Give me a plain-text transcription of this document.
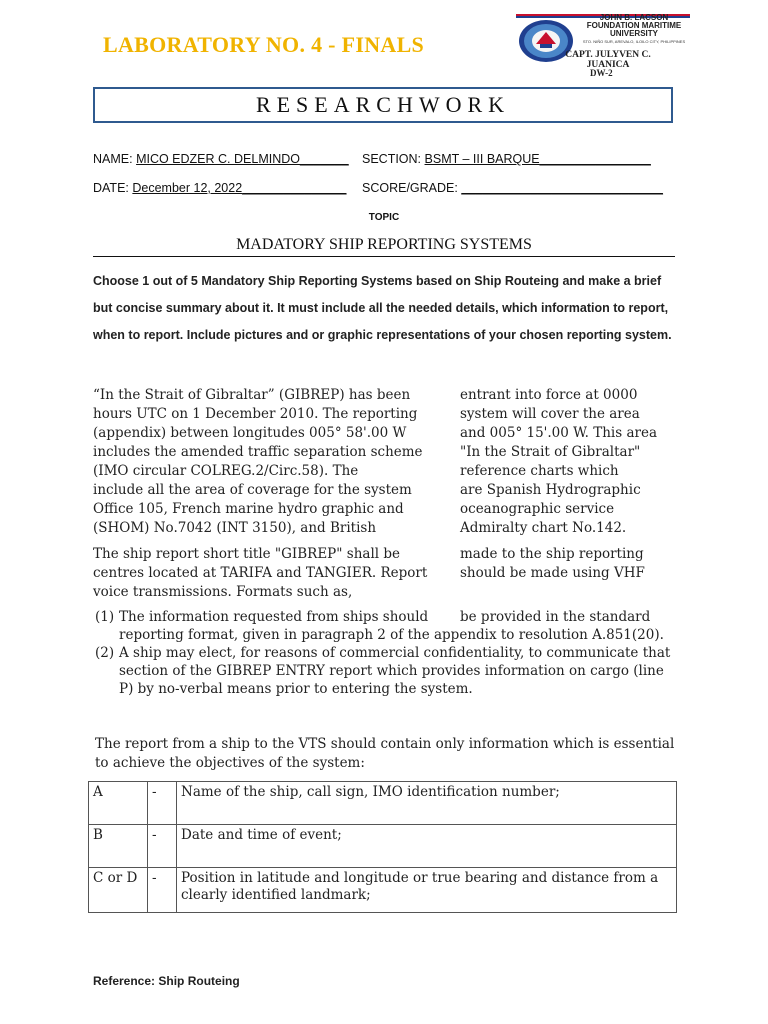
LABORATORY NO. 4 - FINALS
JOHN B. LACSON
FOUNDATION MARITIME
UNIVERSITY
STO. NIÑO SUR, AREVALO, ILOILO CITY, PHILIPPINES
CAPT. JULYVEN C. JUANICA
DW-2
RESEARCHWORK
NAME: MICO EDZER C. DELMINDO_______ SECTION: BSMT – III BARQUE________________
DATE: December 12, 2022_______________ SCORE/GRADE: _____________________________
TOPIC
MADATORY SHIP REPORTING SYSTEMS
Choose 1 out of 5 Mandatory Ship Reporting Systems based on Ship Routeing and make a brief but concise summary about it. It must include all the needed details, which information to report, when to report. Include pictures and or graphic representations of your chosen reporting system.

“In the Strait of Gibraltar” (GIBREP) has been

hours UTC on 1 December 2010. The reporting

(appendix) between longitudes 005° 58'.00 W

includes the amended traffic separation scheme

(IMO circular COLREG.2/Circ.58). The

include all the area of coverage for the system

Office 105, French marine hydro graphic and

(SHOM) No.7042 (INT 3150), and British

entrant into force at 0000

system will cover the area

and 005° 15'.00 W. This area

"In the Strait of Gibraltar"

reference charts which

are Spanish Hydrographic

oceanographic service

Admiralty chart No.142.

The ship report short title "GIBREP" shall be

centres located at TARIFA and TANGIER. Report

voice transmissions. Formats such as,

made to the ship reporting

should be made using VHF

(1) The information requested from ships should be provided in the standard
reporting format, given in paragraph 2 of the appendix to resolution A.851(20).
(2) A ship may elect, for reasons of commercial confidentiality, to communicate that
section of the GIBREP ENTRY report which provides information on cargo (line
P) by no-verbal means prior to entering the system.

The report from a ship to the VTS should contain only information which is essential

to achieve the objectives of the system:

A	-	Name of the ship, call sign, IMO identification number;
B	-	Date and time of event;
C or D	-	Position in latitude and longitude or true bearing and distance from a clearly identified landmark;
Reference: Ship Routeing
